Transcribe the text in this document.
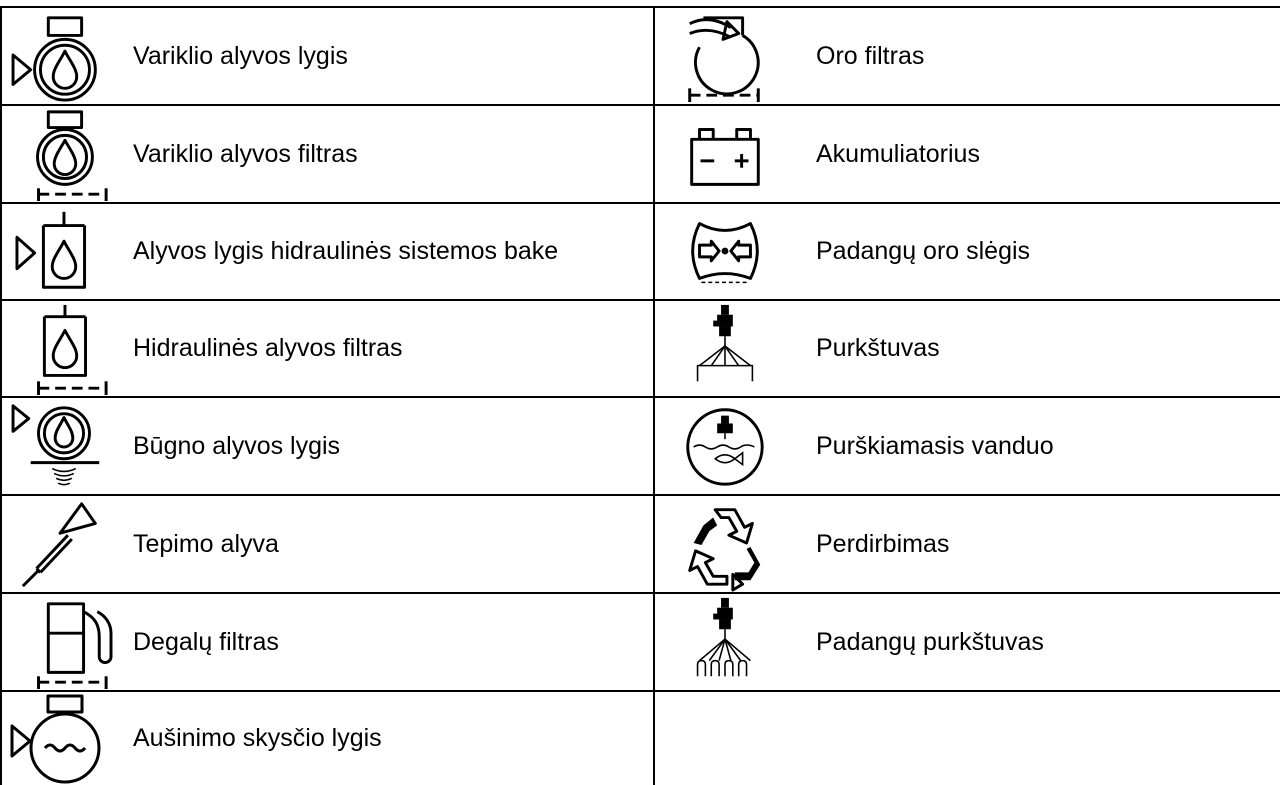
Variklio alyvos lygis
Variklio alyvos filtras
Alyvos lygis hidraulinės sistemos bake
Hidraulinės alyvos filtras
Būgno alyvos lygis
Tepimo alyva
Degalų filtras
Aušinimo skysčio lygis
Oro filtras
Akumuliatorius
Padangų oro slėgis
Purkštuvas
Purškiamasis vanduo
Perdirbimas
Padangų purkštuvas
